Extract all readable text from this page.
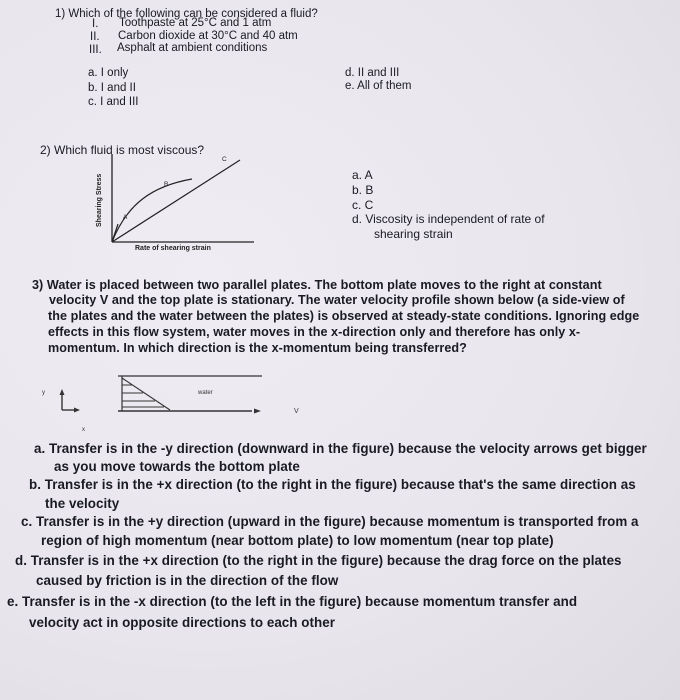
1) Which of the following can be considered a fluid?
I. Toothpaste at 25°C and 1 atm
II. Carbon dioxide at 30°C and 40 atm
III. Asphalt at ambient conditions
a. I only
b. I and II
c. I and III
d. II and III
e. All of them
2) Which fluid is most viscous?
A
B
C
Shearing Stress
Rate of shearing strain
a. A
b. B
c. C
d. Viscosity is independent of rate of
shearing strain
3) Water is placed between two parallel plates. The bottom plate moves to the right at constant
velocity V and the top plate is stationary. The water velocity profile shown below (a side-view of
the plates and the water between the plates) is observed at steady-state conditions. Ignoring edge
effects in this flow system, water moves in the x-direction only and therefore has only x-
momentum. In which direction is the x-momentum being transferred?
y
x
V
water
a. Transfer is in the -y direction (downward in the figure) because the velocity arrows get bigger
as you move towards the bottom plate
b. Transfer is in the +x direction (to the right in the figure) because that's the same direction as
the velocity
c. Transfer is in the +y direction (upward in the figure) because momentum is transported from a
region of high momentum (near bottom plate) to low momentum (near top plate)
d. Transfer is in the +x direction (to the right in the figure) because the drag force on the plates
caused by friction is in the direction of the flow
e. Transfer is in the -x direction (to the left in the figure) because momentum transfer and
velocity act in opposite directions to each other
